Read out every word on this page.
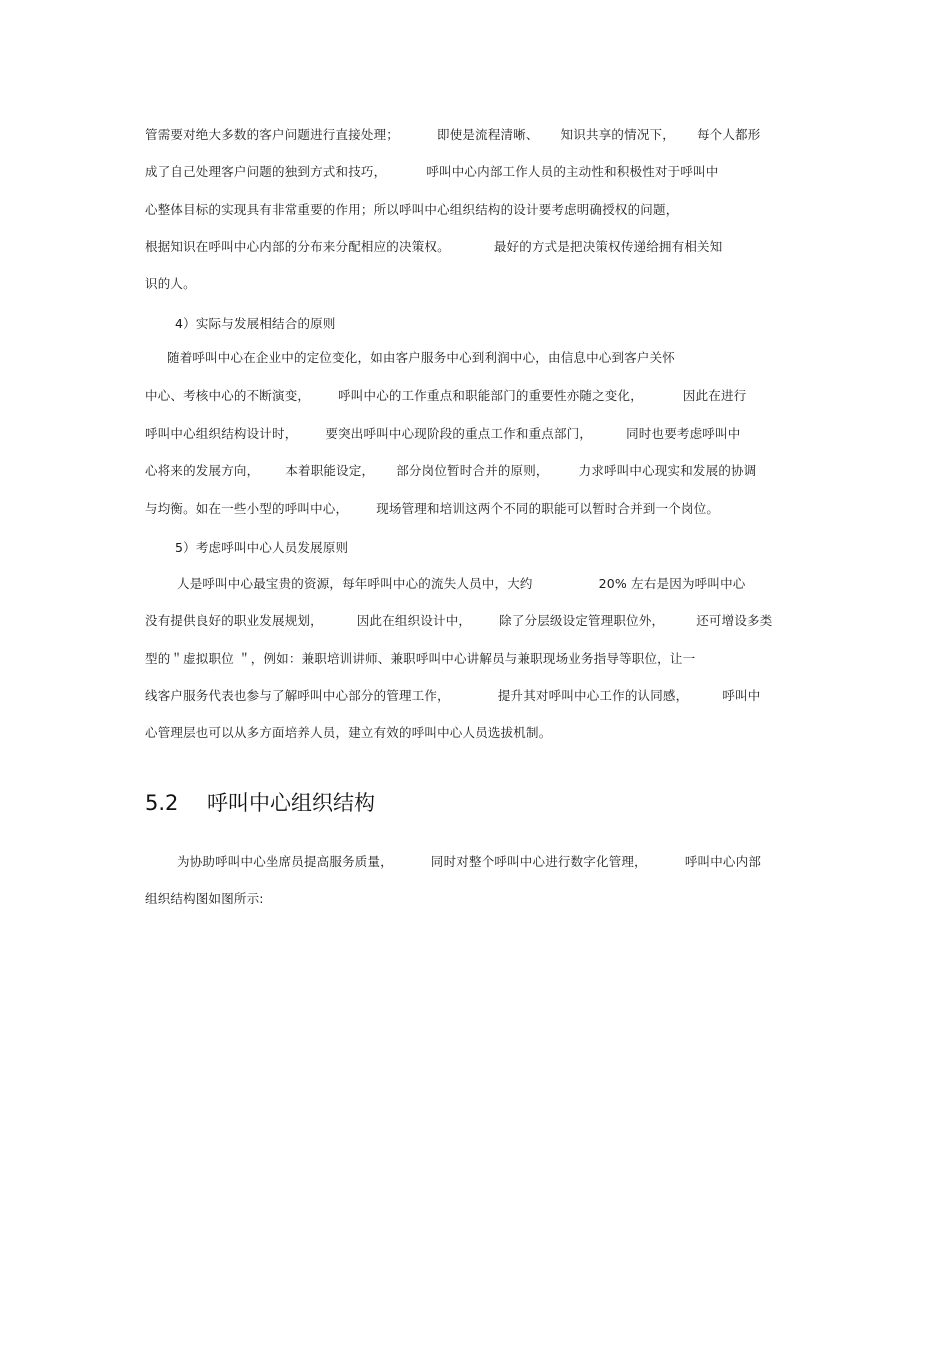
管需要对绝大多数的客户问题进行直接处理；	即使是流程清晰、 知识共享的情况下， 每个人都形
成了自己处理客户问题的独到方式和技巧，	呼叫中心内部工作人员的主动性和积极性对于呼叫中
心整体目标的实现具有非常重要的作用；所以呼叫中心组织结构的设计要考虑明确授权的问题，
根据知识在呼叫中心内部的分布来分配相应的决策权。	最好的方式是把决策权传递给拥有相关知
识的人。
4）实际与发展相结合的原则
随着呼叫中心在企业中的定位变化，如由客户服务中心到利润中心，由信息中心到客户关怀
中心、考核中心的不断演变， 呼叫中心的工作重点和职能部门的重要性亦随之变化，	因此在进行
呼叫中心组织结构设计时， 要突出呼叫中心现阶段的重点工作和重点部门，	同时也要考虑呼叫中
心将来的发展方向， 本着职能设定， 部分岗位暂时合并的原则， 力求呼叫中心现实和发展的协调
与均衡。如在一些小型的呼叫中心， 现场管理和培训这两个不同的职能可以暂时合并到一个岗位。
5）考虑呼叫中心人员发展原则
人是呼叫中心最宝贵的资源，每年呼叫中心的流失人员中，大约	20% 左右是因为呼叫中心
没有提供良好的职业发展规划，	因此在组织设计中， 除了分层级设定管理职位外，	还可增设多类
型的＂虚拟职位 ＂，例如：兼职培训讲师、兼职呼叫中心讲解员与兼职现场业务指导等职位，让一
线客户服务代表也参与了解呼叫中心部分的管理工作，	提升其对呼叫中心工作的认同感，	呼叫中
心管理层也可以从多方面培养人员，建立有效的呼叫中心人员选拔机制。
5.2 呼叫中心组织结构
为协助呼叫中心坐席员提高服务质量，	同时对整个呼叫中心进行数字化管理，	呼叫中心内部
组织结构图如图所示:
